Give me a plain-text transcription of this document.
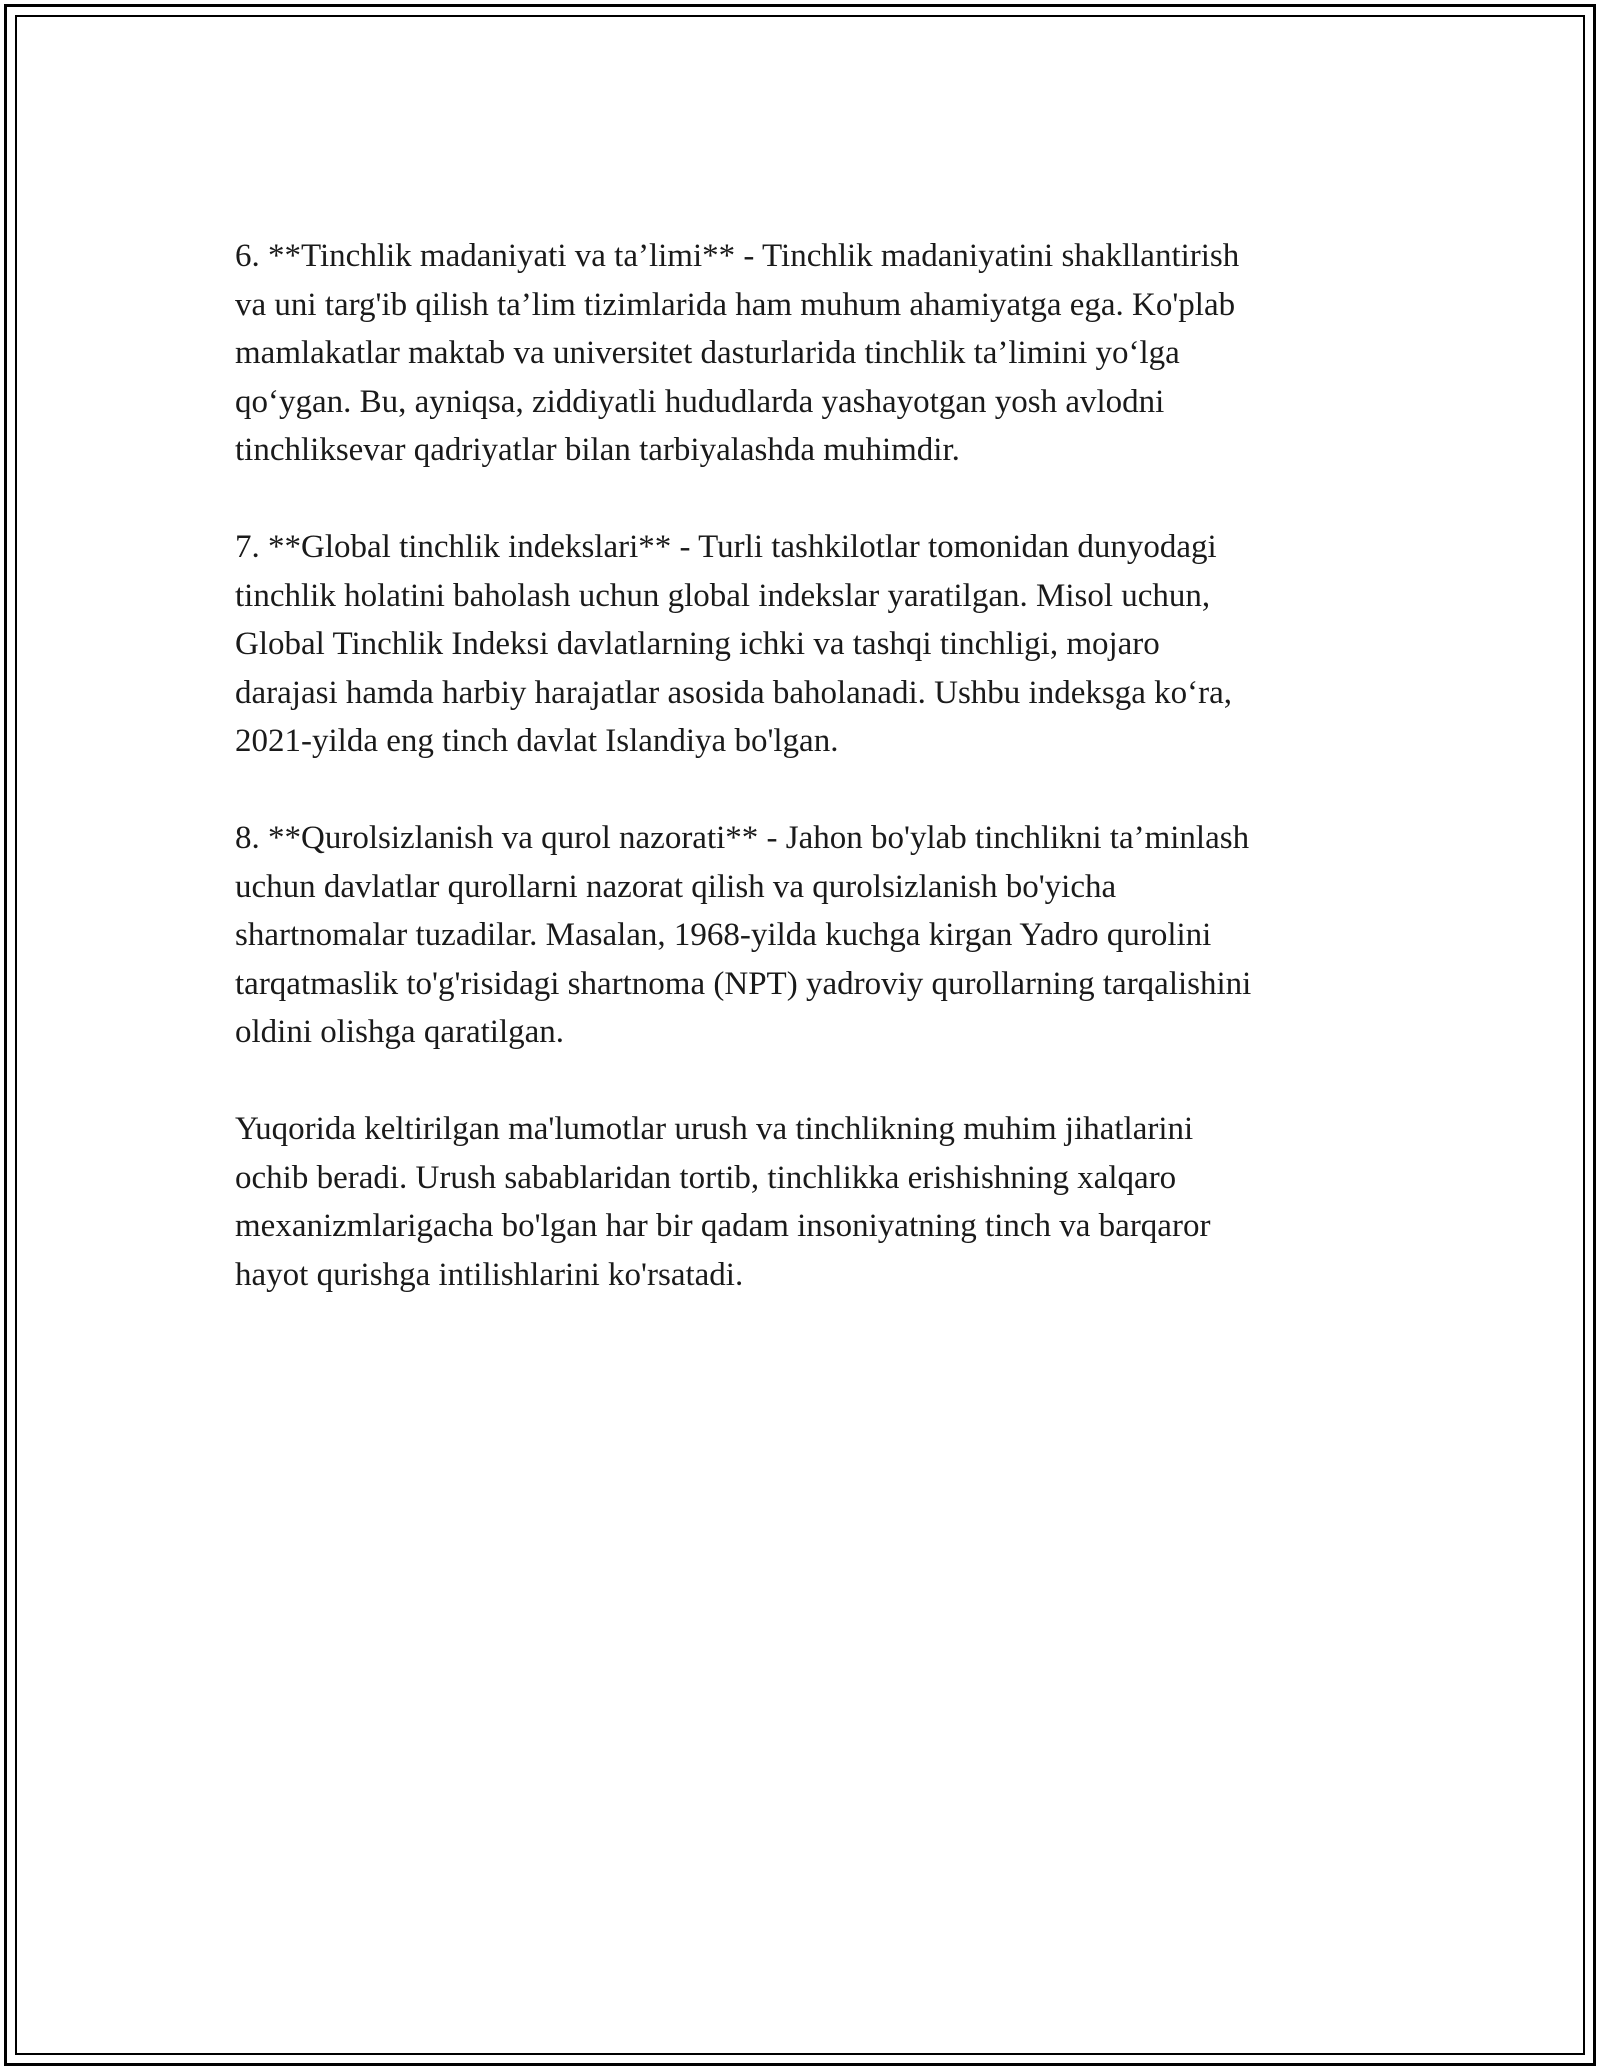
6. **Tinchlik madaniyati va ta’limi** - Tinchlik madaniyatini shakllantirish
va uni targ'ib qilish ta’lim tizimlarida ham muhum ahamiyatga ega. Ko'plab
mamlakatlar maktab va universitet dasturlarida tinchlik ta’limini yo‘lga
qo‘ygan. Bu, ayniqsa, ziddiyatli hududlarda yashayotgan yosh avlodni
tinchliksevar qadriyatlar bilan tarbiyalashda muhimdir.

7. **Global tinchlik indekslari** - Turli tashkilotlar tomonidan dunyodagi
tinchlik holatini baholash uchun global indekslar yaratilgan. Misol uchun,
Global Tinchlik Indeksi davlatlarning ichki va tashqi tinchligi, mojaro
darajasi hamda harbiy harajatlar asosida baholanadi. Ushbu indeksga ko‘ra,
2021-yilda eng tinch davlat Islandiya bo'lgan.

8. **Qurolsizlanish va qurol nazorati** - Jahon bo'ylab tinchlikni ta’minlash
uchun davlatlar qurollarni nazorat qilish va qurolsizlanish bo'yicha
shartnomalar tuzadilar. Masalan, 1968-yilda kuchga kirgan Yadro qurolini
tarqatmaslik to'g'risidagi shartnoma (NPT) yadroviy qurollarning tarqalishini
oldini olishga qaratilgan.

Yuqorida keltirilgan ma'lumotlar urush va tinchlikning muhim jihatlarini
ochib beradi. Urush sabablaridan tortib, tinchlikka erishishning xalqaro
mexanizmlarigacha bo'lgan har bir qadam insoniyatning tinch va barqaror
hayot qurishga intilishlarini ko'rsatadi.
